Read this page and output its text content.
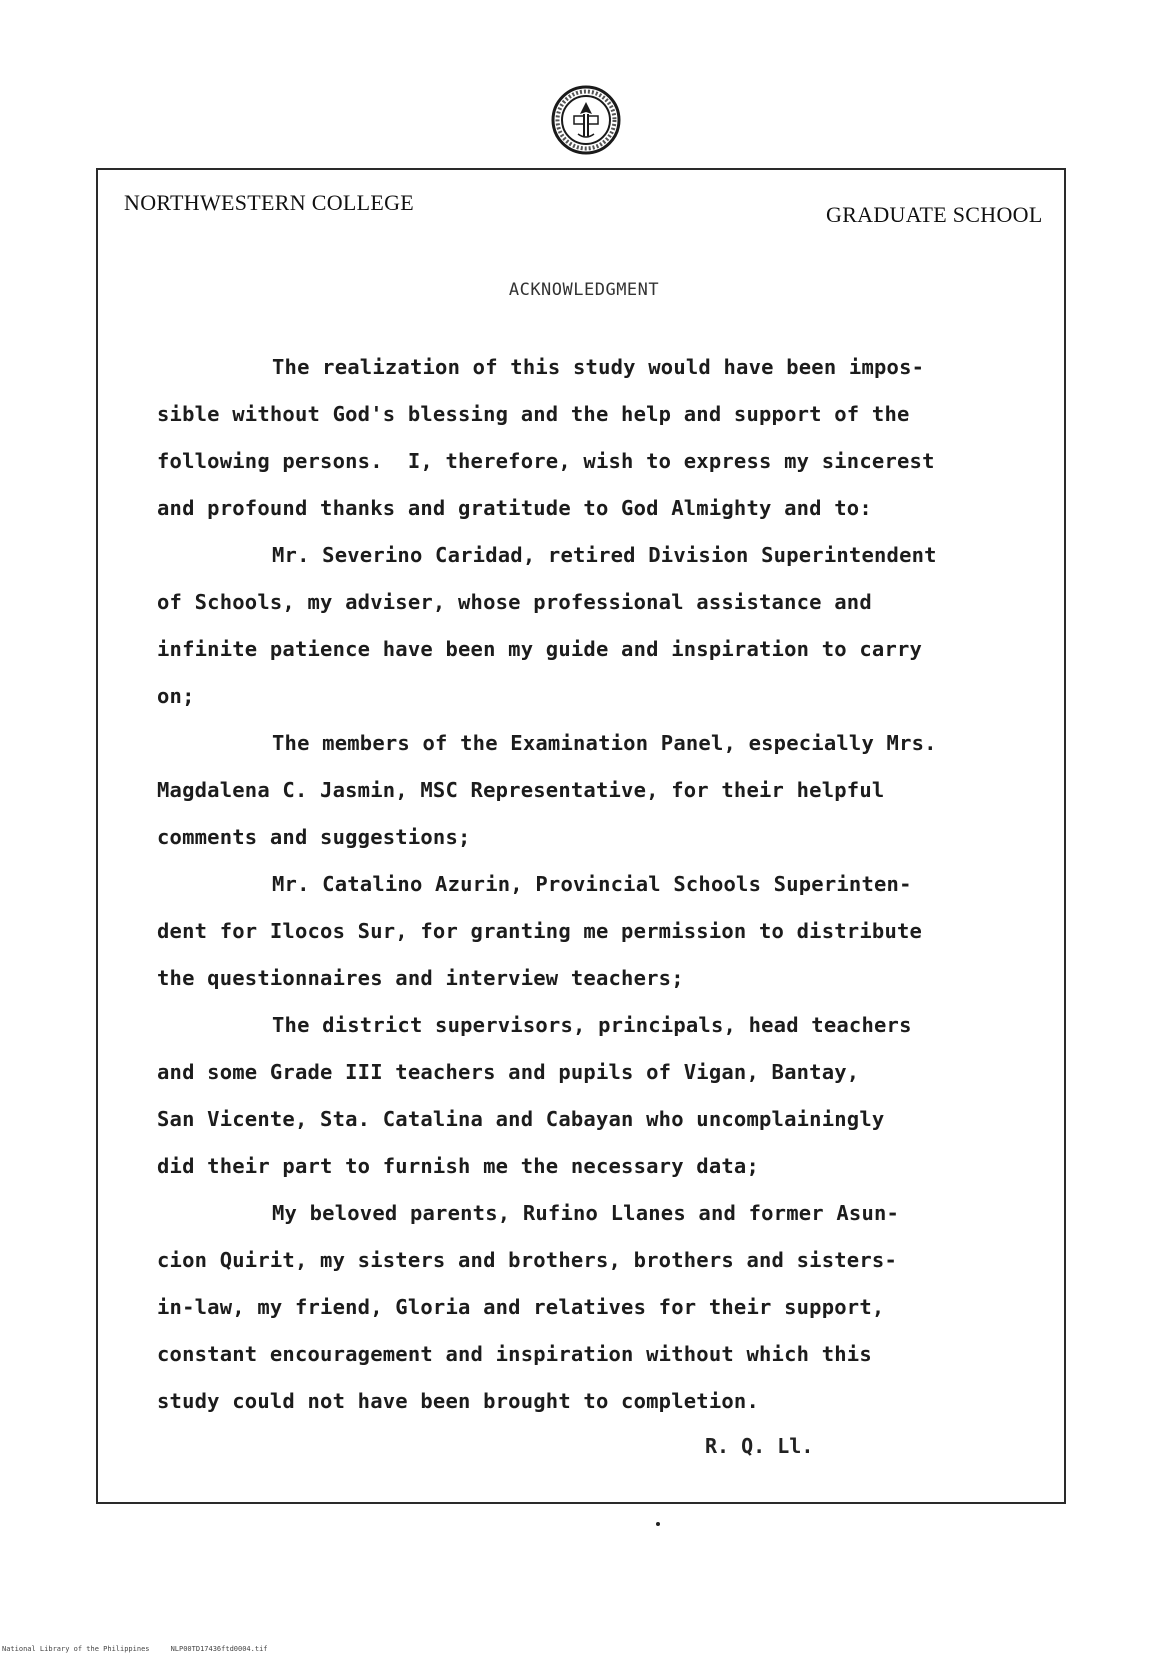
NORTHWESTERN COLLEGE	GRADUATE SCHOOL
ACKNOWLEDGMENT
The realization of this study would have been impos-
sible without God's blessing and the help and support of the
following persons.  I, therefore, wish to express my sincerest
and profound thanks and gratitude to God Almighty and to:
Mr. Severino Caridad, retired Division Superintendent
of Schools, my adviser, whose professional assistance and
infinite patience have been my guide and inspiration to carry
on;
The members of the Examination Panel, especially Mrs.
Magdalena C. Jasmin, MSC Representative, for their helpful
comments and suggestions;
Mr. Catalino Azurin, Provincial Schools Superinten-
dent for Ilocos Sur, for granting me permission to distribute
the questionnaires and interview teachers;
The district supervisors, principals, head teachers
and some Grade III teachers and pupils of Vigan, Bantay,
San Vicente, Sta. Catalina and Cabayan who uncomplainingly
did their part to furnish me the necessary data;
My beloved parents, Rufino Llanes and former Asun-
cion Quirit, my sisters and brothers, brothers and sisters-
in-law, my friend, Gloria and relatives for their support,
constant encouragement and inspiration without which this
study could not have been brought to completion.
R. Q. Ll.
National Library of the Philippines     NLP00TD17436ftd0004.tif
